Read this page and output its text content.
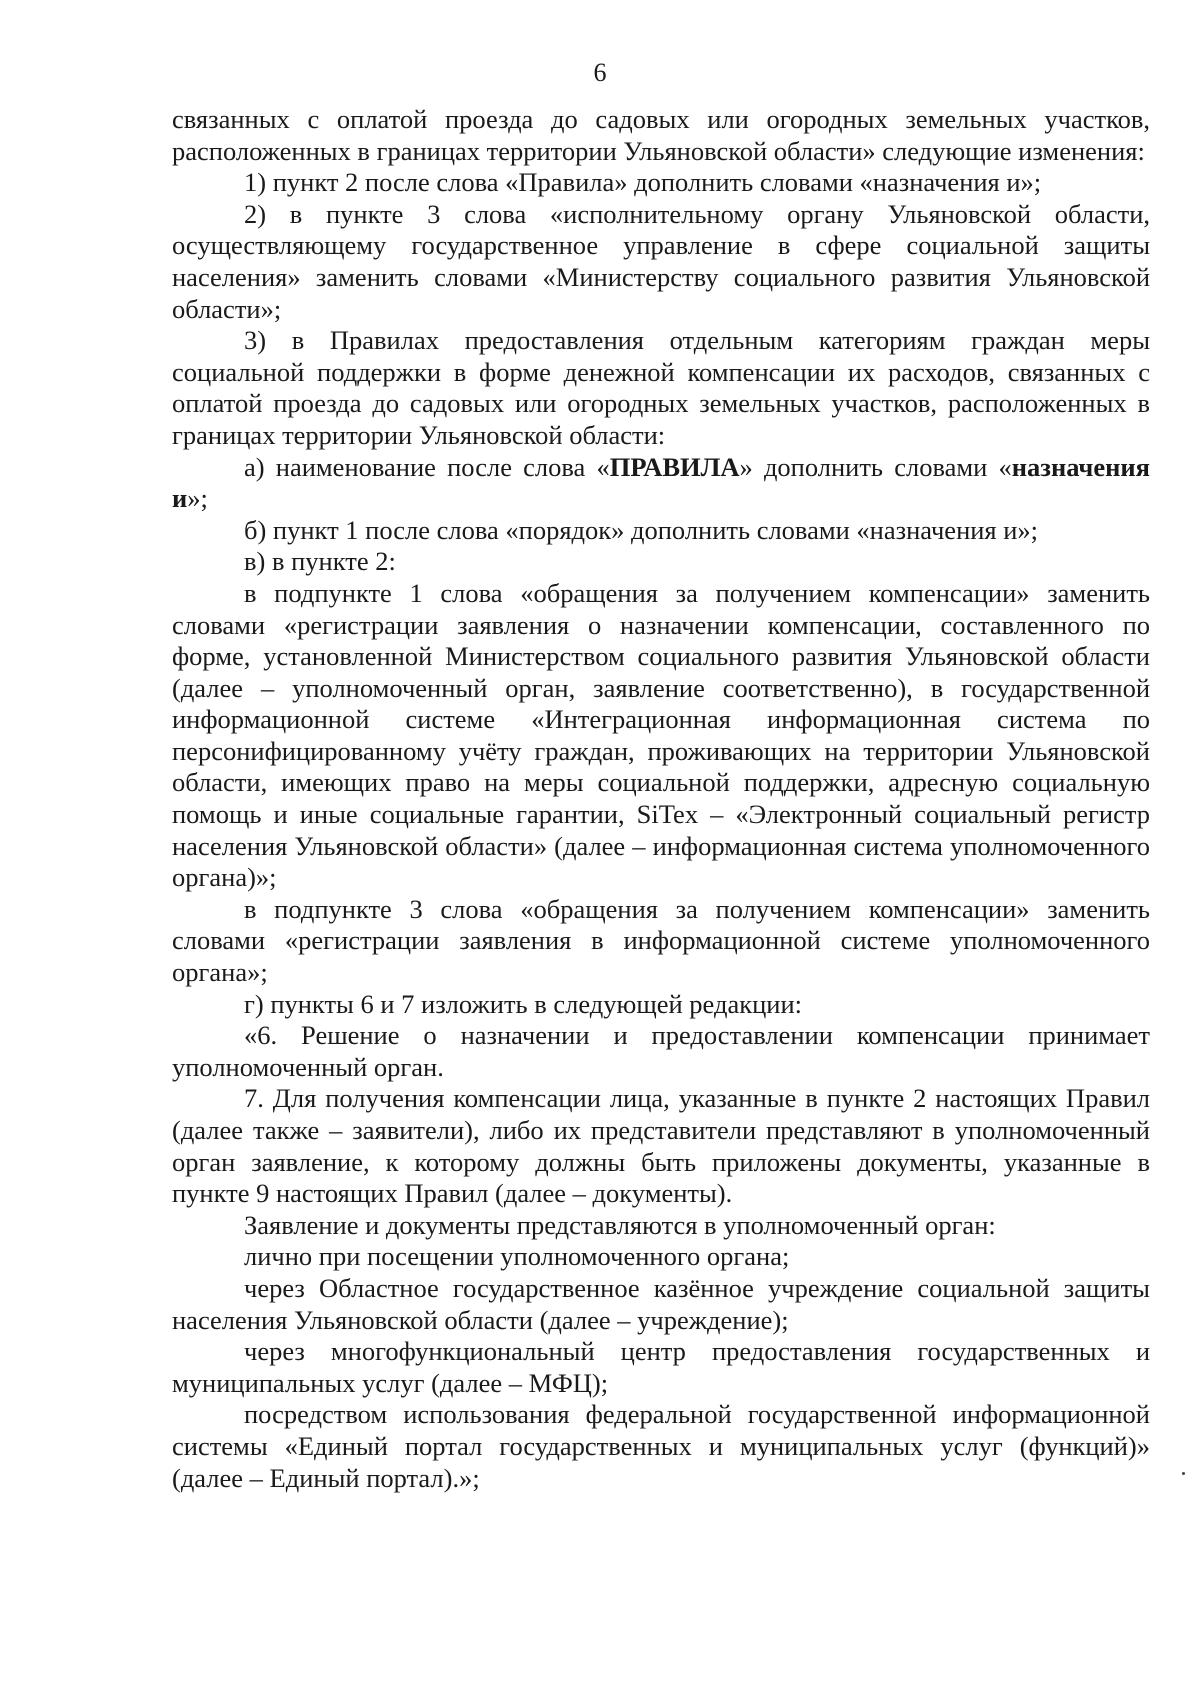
6

связанных с оплатой проезда до садовых или огородных земельных участков, расположенных в границах территории Ульяновской области» следующие изменения:

1) пункт 2 после слова «Правила» дополнить словами «назначения и»;

2) в пункте 3 слова «исполнительному органу Ульяновской области, осуществляющему государственное управление в сфере социальной защиты населения» заменить словами «Министерству социального развития Ульяновской области»;

3) в Правилах предоставления отдельным категориям граждан меры социальной поддержки в форме денежной компенсации их расходов, связанных с оплатой проезда до садовых или огородных земельных участков, расположенных в границах территории Ульяновской области:

а) наименование после слова «ПРАВИЛА» дополнить словами «назначения и»;

б) пункт 1 после слова «порядок» дополнить словами «назначения и»;

в) в пункте 2:

в подпункте 1 слова «обращения за получением компенсации» заменить словами «регистрации заявления о назначении компенсации, составленного по форме, установленной Министерством социального развития Ульяновской области (далее – уполномоченный орган, заявление соответственно), в государственной информационной системе «Интеграционная информационная система по персонифицированному учёту граждан, проживающих на территории Ульяновской области, имеющих право на меры социальной поддержки, адресную социальную помощь и иные социальные гарантии, SiTex – «Электронный социальный регистр населения Ульяновской области» (далее – информационная система уполномоченного органа)»;

в подпункте 3 слова «обращения за получением компенсации» заменить словами «регистрации заявления в информационной системе уполномоченного органа»;

г) пункты 6 и 7 изложить в следующей редакции:

«6. Решение о назначении и предоставлении компенсации принимает уполномоченный орган.

7. Для получения компенсации лица, указанные в пункте 2 настоящих Правил (далее также – заявители), либо их представители представляют в уполномоченный орган заявление, к которому должны быть приложены документы, указанные в пункте 9 настоящих Правил (далее – документы).

Заявление и документы представляются в уполномоченный орган:

лично при посещении уполномоченного органа;

через Областное государственное казённое учреждение социальной защиты населения Ульяновской области (далее – учреждение);

через многофункциональный центр предоставления государственных и муниципальных услуг (далее – МФЦ);

посредством использования федеральной государственной информационной системы «Единый портал государственных и муниципальных услуг (функций)» (далее – Единый портал).»;
